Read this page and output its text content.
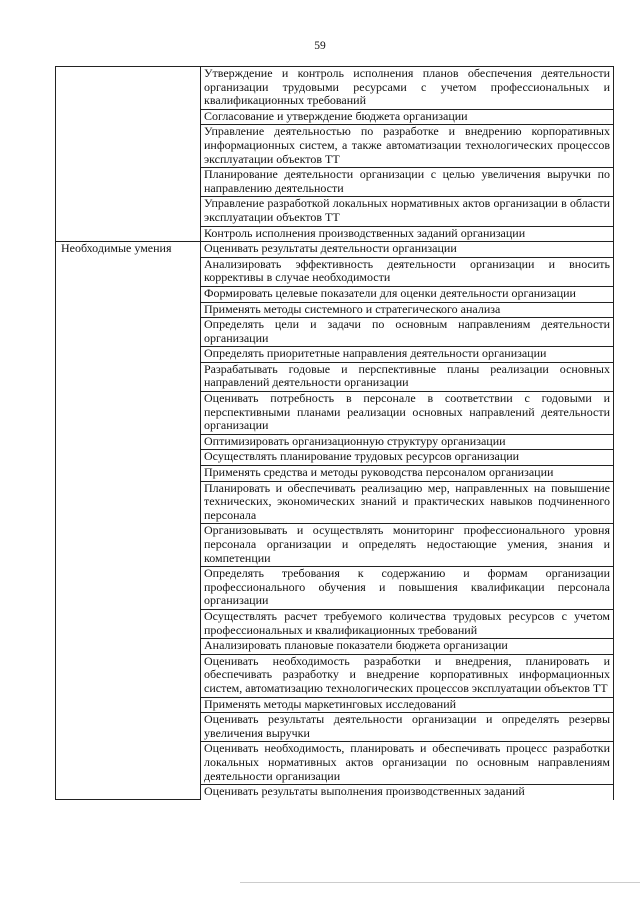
59
	Утверждение и контроль исполнения планов обеспечения деятельности организации трудовыми ресурсами с учетом профессиональных и квалификационных требований
	Согласование и утверждение бюджета организации
	Управление деятельностью по разработке и внедрению корпоративных информационных систем, а также автоматизации технологических процессов эксплуатации объектов ТТ
	Планирование деятельности организации с целью увеличения выручки по направлению деятельности
	Управление разработкой локальных нормативных актов организации в области эксплуатации объектов ТТ
	Контроль исполнения производственных заданий организации
Необходимые умения	Оценивать результаты деятельности организации
	Анализировать эффективность деятельности организации и вносить коррективы в случае необходимости
	Формировать целевые показатели для оценки деятельности организации
	Применять методы системного и стратегического анализа
	Определять цели и задачи по основным направлениям деятельности организации
	Определять приоритетные направления деятельности организации
	Разрабатывать годовые и перспективные планы реализации основных направлений деятельности организации
	Оценивать потребность в персонале в соответствии с годовыми и перспективными планами реализации основных направлений деятельности организации
	Оптимизировать организационную структуру организации
	Осуществлять планирование трудовых ресурсов организации
	Применять средства и методы руководства персоналом организации
	Планировать и обеспечивать реализацию мер, направленных на повышение технических, экономических знаний и практических навыков подчиненного персонала
	Организовывать и осуществлять мониторинг профессионального уровня персонала организации и определять недостающие умения, знания и компетенции
	Определять требования к содержанию и формам организации профессионального обучения и повышения квалификации персонала организации
	Осуществлять расчет требуемого количества трудовых ресурсов с учетом профессиональных и квалификационных требований
	Анализировать плановые показатели бюджета организации
	Оценивать необходимость разработки и внедрения, планировать и обеспечивать разработку и внедрение корпоративных информационных систем, автоматизацию технологических процессов эксплуатации объектов ТТ
	Применять методы маркетинговых исследований
	Оценивать результаты деятельности организации и определять резервы увеличения выручки
	Оценивать необходимость, планировать и обеспечивать процесс разработки локальных нормативных актов организации по основным направлениям деятельности организации
	Оценивать результаты выполнения производственных заданий
